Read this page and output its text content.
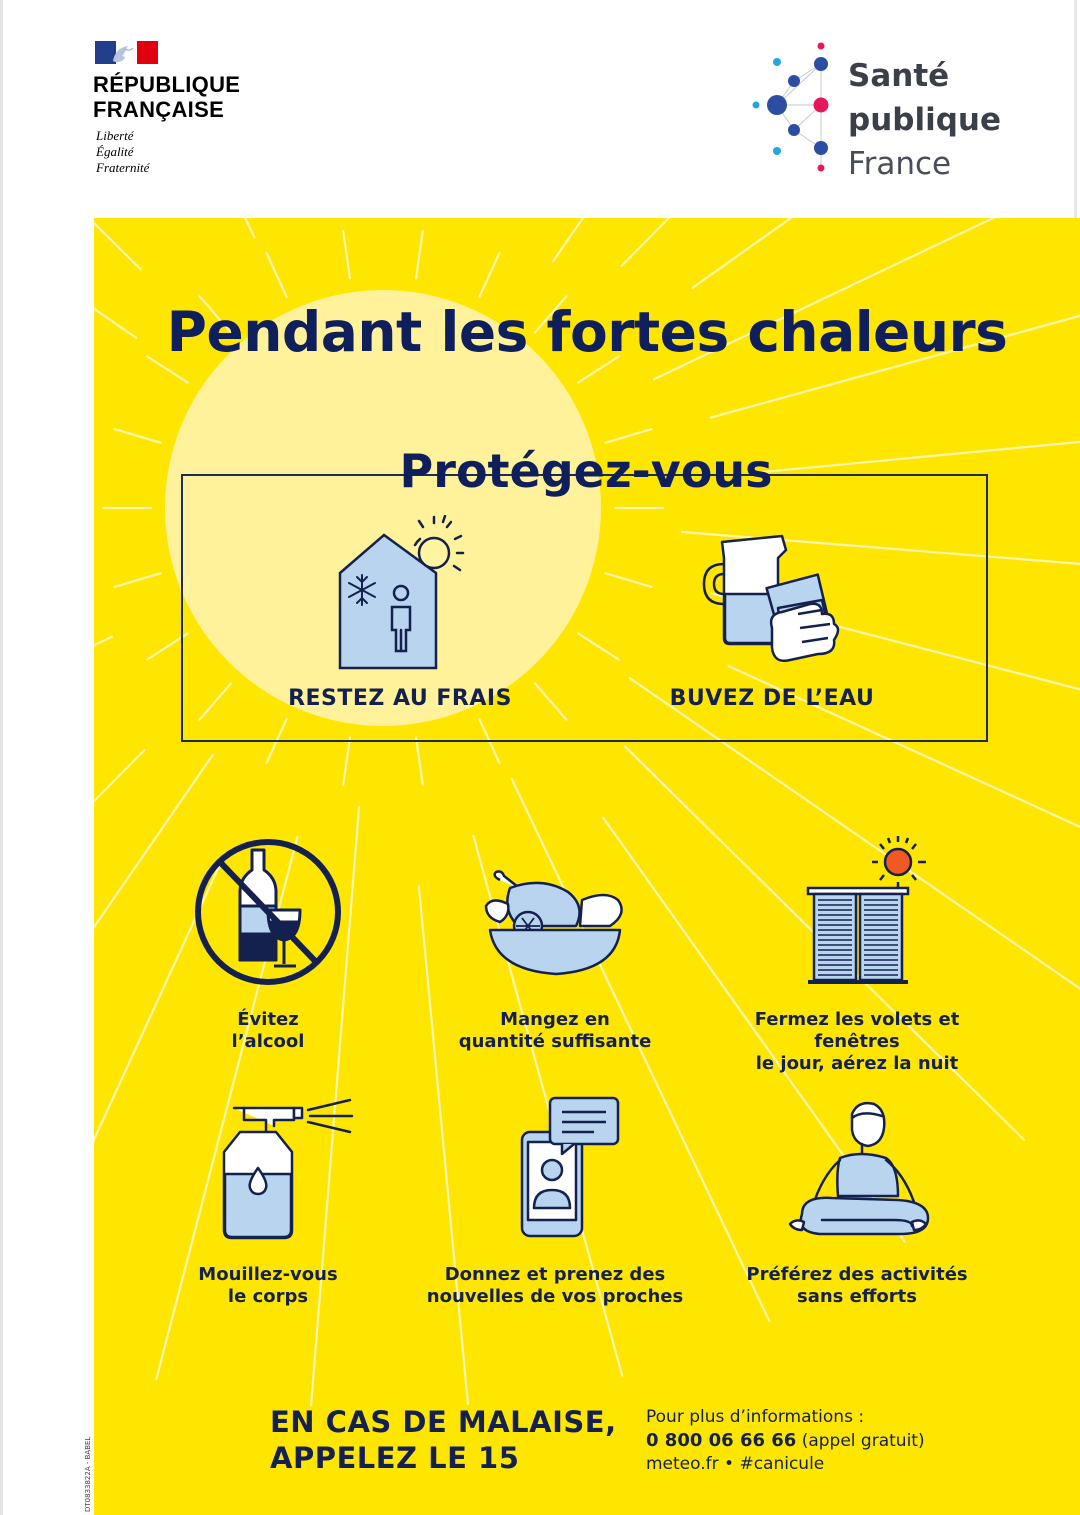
RÉPUBLIQUE
FRANÇAISE
Liberté
Égalité
Fraternité
Santé
publique
France
Pendant les fortes chaleurs
Protégez-vous
RESTEZ AU FRAIS	BUVEZ DE L’EAU
Évitez
l’alcool
Mangez en
quantité suffisante
Fermez les volets et fenêtres
le jour, aérez la nuit
Mouillez-vous
le corps
Donnez et prenez des
nouvelles de vos proches
Préférez des activités
sans efforts
EN CAS DE MALAISE,
APPELEZ LE 15
Pour plus d’informations :
0 800 06 66 66 (appel gratuit)
meteo.fr • #canicule
DT0833822A - BABEL
